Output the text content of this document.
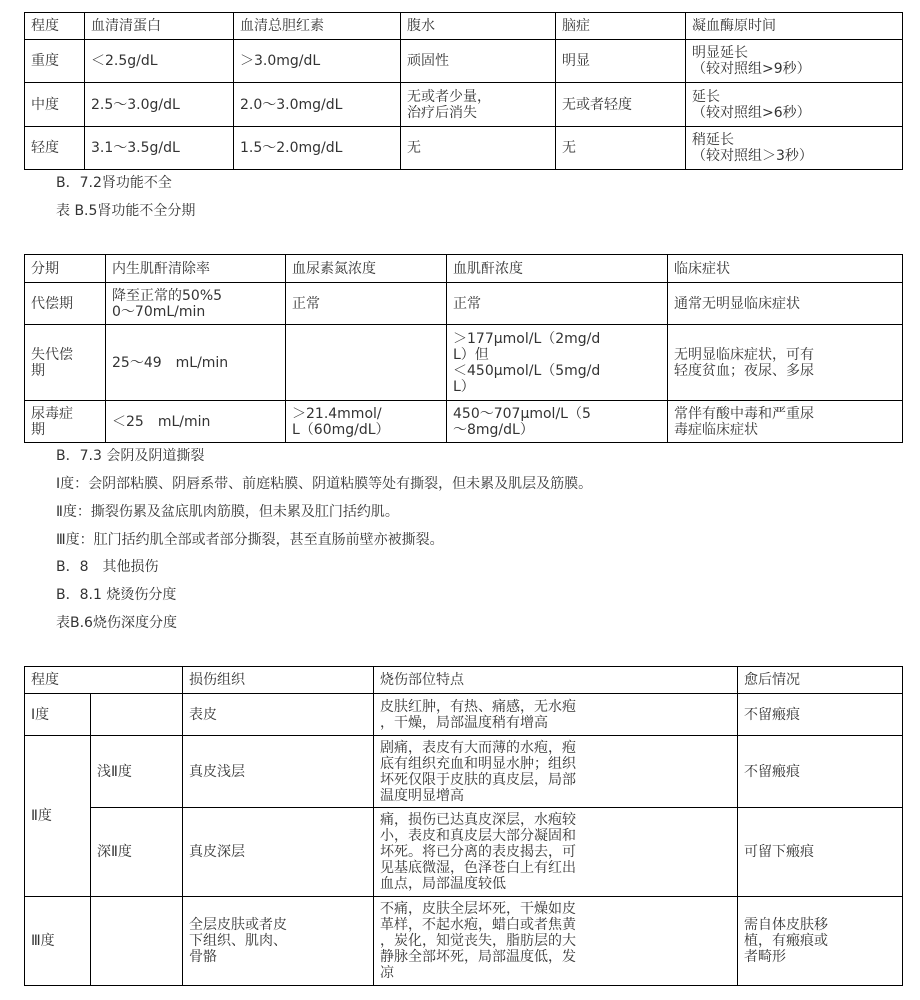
程度	血清清蛋白	血清总胆红素	腹水	脑症	凝血酶原时间
重度	＜2.5g/dL	＞3.0mg/dL	顽固性	明显	明显延长
（较对照组>9秒）
中度	2.5～3.0g/dL	2.0～3.0mg/dL	无或者少量，
治疗后消失	无或者轻度	延长
（较对照组>6秒）
轻度	3.1～3.5g/dL	1.5～2.0mg/dL	无	无	稍延长
（较对照组＞3秒）
B．7.2肾功能不全
表 B.5肾功能不全分期
分期	内生肌酐清除率	血尿素氮浓度	血肌酐浓度	临床症状
代偿期	降至正常的50%5
0～70mL/min	正常	正常	通常无明显临床症状
失代偿
期	25～49　mL/min		＞177μmol/L（2mg/d
L）但
＜450μmol/L（5mg/d
L）	无明显临床症状，可有
轻度贫血；夜尿、多尿
尿毒症
期	＜25　mL/min	＞21.4mmol/
L（60mg/dL）	450～707μmol/L（5
～8mg/dL）	常伴有酸中毒和严重尿
毒症临床症状
B．7.3 会阴及阴道撕裂
Ⅰ度：会阴部粘膜、阴唇系带、前庭粘膜、阴道粘膜等处有撕裂，但未累及肌层及筋膜。
Ⅱ度：撕裂伤累及盆底肌肉筋膜，但未累及肛门括约肌。
Ⅲ度：肛门括约肌全部或者部分撕裂，甚至直肠前壁亦被撕裂。
B．8　其他损伤
B．8.1 烧烫伤分度
表B.6烧伤深度分度
程度		损伤组织	烧伤部位特点	愈后情况
Ⅰ度		表皮	皮肤红肿，有热、痛感，无水疱
，干燥，局部温度稍有增高	不留瘢痕
Ⅱ度	浅Ⅱ度	真皮浅层	剧痛，表皮有大而薄的水疱，疱
底有组织充血和明显水肿；组织
坏死仅限于皮肤的真皮层，局部
温度明显增高	不留瘢痕
	深Ⅱ度	真皮深层	痛，损伤已达真皮深层，水疱较
小，表皮和真皮层大部分凝固和
坏死。将已分离的表皮揭去，可
见基底微湿，色泽苍白上有红出
血点，局部温度较低	可留下瘢痕
Ⅲ度		全层皮肤或者皮
下组织、肌肉、
骨骼	不痛，皮肤全层坏死，干燥如皮
革样，不起水疱，蜡白或者焦黄
，炭化，知觉丧失，脂肪层的大
静脉全部坏死，局部温度低，发
凉	需自体皮肤移
植，有瘢痕或
者畸形
